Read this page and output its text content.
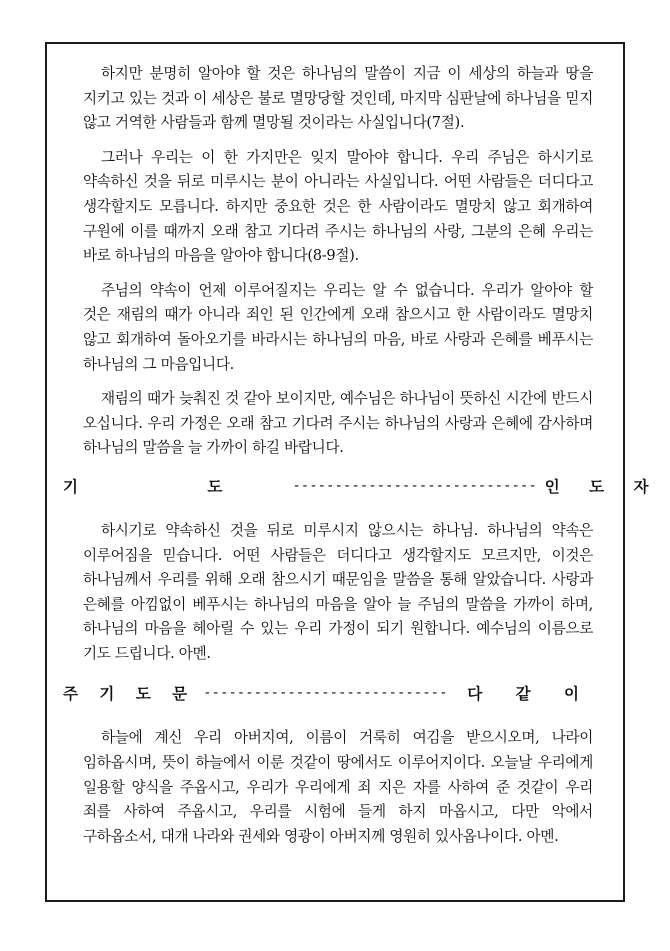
하지만 분명히 알아야 할 것은 하나님의 말씀이 지금 이 세상의 하늘과 땅을 지키고 있는 것과 이 세상은 불로 멸망당할 것인데, 마지막 심판날에 하나님을 믿지 않고 거역한 사람들과 함께 멸망될 것이라는 사실입니다(7절).

그러나 우리는 이 한 가지만은 잊지 말아야 합니다. 우리 주님은 하시기로 약속하신 것을 뒤로 미루시는 분이 아니라는 사실입니다. 어떤 사람들은 더디다고 생각할지도 모릅니다. 하지만 중요한 것은 한 사람이라도 멸망치 않고 회개하여 구원에 이를 때까지 오래 참고 기다려 주시는 하나님의 사랑, 그분의 은혜 우리는 바로 하나님의 마음을 알아야 합니다(8-9절).

주님의 약속이 언제 이루어질지는 우리는 알 수 없습니다. 우리가 알아야 할 것은 재림의 때가 아니라 죄인 된 인간에게 오래 참으시고 한 사람이라도 멸망치 않고 회개하여 돌아오기를 바라시는 하나님의 마음, 바로 사랑과 은혜를 베푸시는 하나님의 그 마음입니다.

재림의 때가 늦춰진 것 같아 보이지만, 예수님은 하나님이 뜻하신 시간에 반드시 오십니다. 우리 가정은 오래 참고 기다려 주시는 하나님의 사랑과 은혜에 감사하며 하나님의 말씀을 늘 가까이 하길 바랍니다.

기 도 ----------------------------- 인 도 자

하시기로 약속하신 것을 뒤로 미루시지 않으시는 하나님. 하나님의 약속은 이루어짐을 믿습니다. 어떤 사람들은 더디다고 생각할지도 모르지만, 이것은 하나님께서 우리를 위해 오래 참으시기 때문임을 말씀을 통해 알았습니다. 사랑과 은혜를 아낌없이 베푸시는 하나님의 마음을 알아 늘 주님의 말씀을 가까이 하며, 하나님의 마음을 헤아릴 수 있는 우리 가정이 되기 원합니다. 예수님의 이름으로 기도 드립니다. 아멘.

주 기 도 문 -----------------------------	다 같 이

하늘에 계신 우리 아버지여, 이름이 거룩히 여김을 받으시오며, 나라이 임하옵시며, 뜻이 하늘에서 이룬 것같이 땅에서도 이루어지이다. 오늘날 우리에게 일용할 양식을 주옵시고, 우리가 우리에게 죄 지은 자를 사하여 준 것같이 우리 죄를 사하여 주옵시고, 우리를 시험에 들게 하지 마옵시고, 다만 악에서 구하옵소서, 대개 나라와 권세와 영광이 아버지께 영원히 있사옵나이다. 아멘.
